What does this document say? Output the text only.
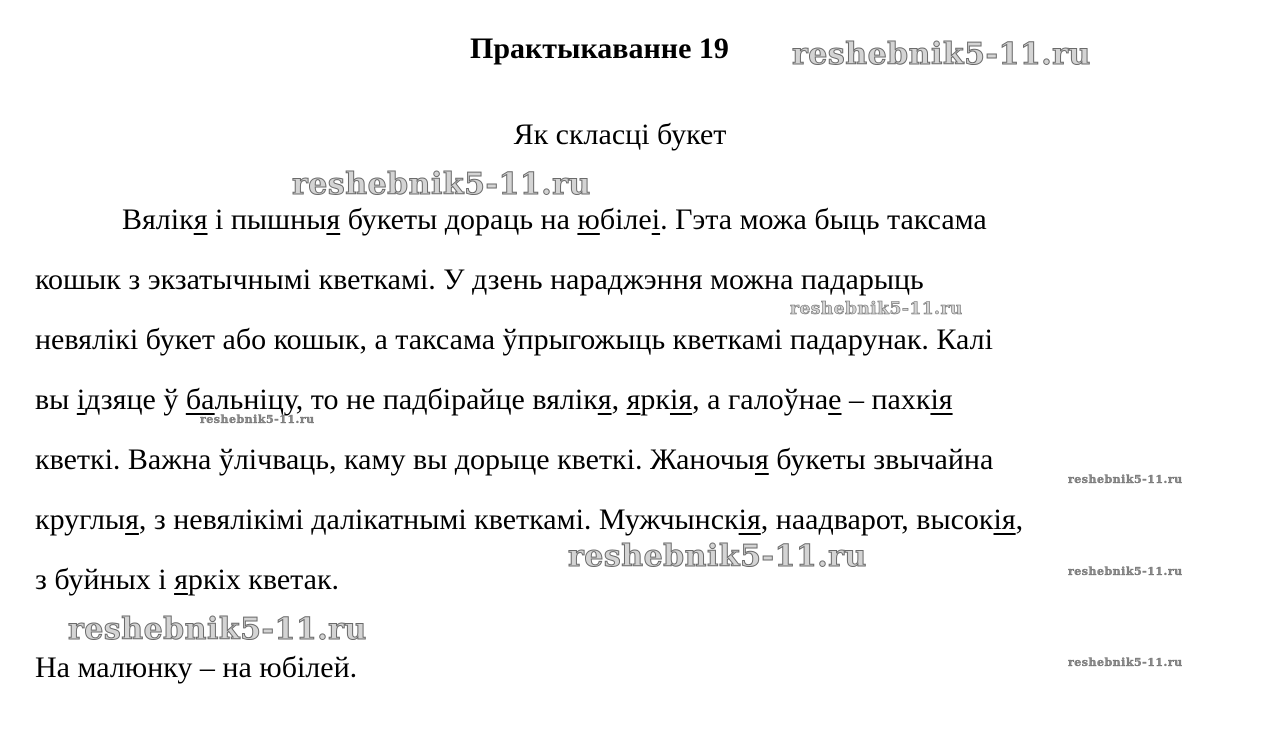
Практыкаванне 19
Як скласці букет
Вялікя і пышныя букеты дораць на юбілеі. Гэта можа быць таксама
кошык з экзатычнымі кветкамі. У дзень нараджэння можна падарыць
невялікі букет або кошык, а таксама ўпрыгожыць кветкамі падарунак. Калі
вы ідзяце ў бальніцу, то не падбірайце вялікя, яркія, а галоўнае – пахкія
кветкі. Важна ўлічваць, каму вы дорыце кветкі. Жаночыя букеты звычайна
круглыя, з невялікімі далікатнымі кветкамі. Мужчынскія, наадварот, высокія,
з буйных і яркіх кветак.
На малюнку – на юбілей.
reshebnik5-11.ru
reshebnik5-11.ru
reshebnik5-11.ru
reshebnik5-11.ru
reshebnik5-11.ru
reshebnik5-11.ru	reshebnik5-11.ru
reshebnik5-11.ru
reshebnik5-11.ru
